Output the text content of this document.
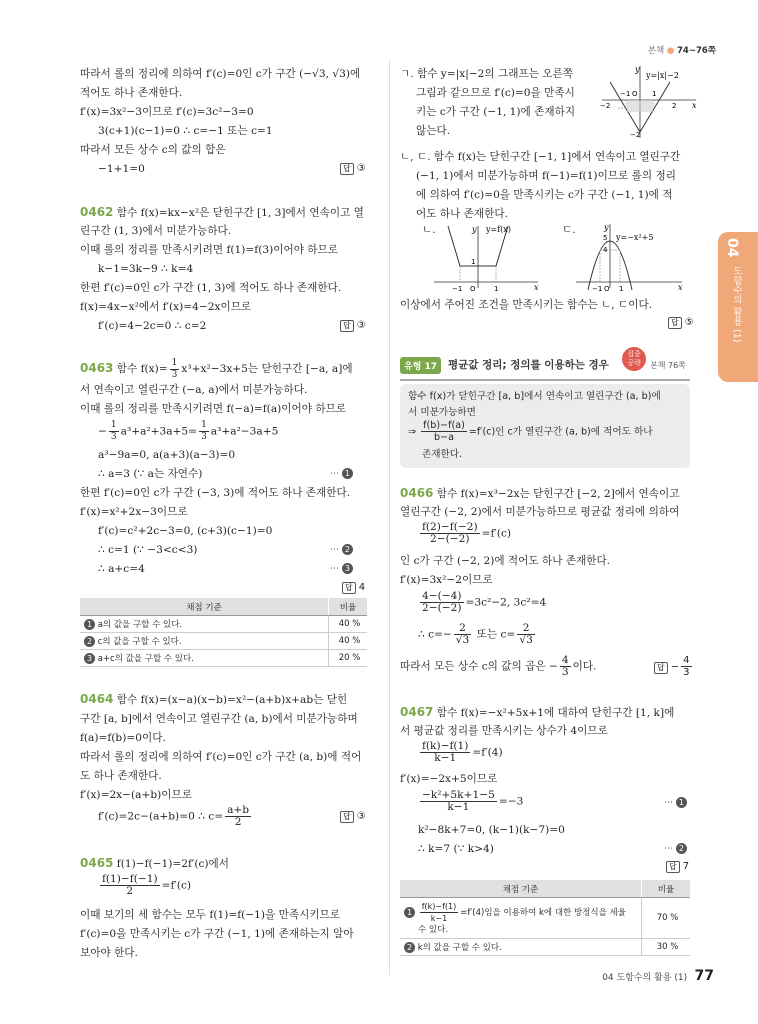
본책 ● 74~76쪽
04
도함수의 활용 (1)
따라서 롤의 정리에 의하여 f′(c)=0인 c가 구간 (−√3, √3)에
적어도 하나 존재한다.
f′(x)=3x²−3이므로 f′(c)=3c²−3=0
3(c+1)(c−1)=0 ∴ c=−1 또는 c=1
따라서 모든 상수 c의 값의 합은
−1+1=0	답 ③
0462 함수 f(x)=kx−x²은 닫힌구간 [1, 3]에서 연속이고 열
린구간 (1, 3)에서 미분가능하다.
이때 롤의 정리를 만족시키려면 f(1)=f(3)이어야 하므로
k−1=3k−9 ∴ k=4
한편 f′(c)=0인 c가 구간 (1, 3)에 적어도 하나 존재한다.
f(x)=4x−x²에서 f′(x)=4−2x이므로
f′(c)=4−2c=0 ∴ c=2	답 ③
0463 함수 $f(x)= \frac{1}{3} x^3+x^2-3x+5$는 닫힌구간 [−a, a]에
서 연속이고 열린구간 (−a, a)에서 미분가능하다.
이때 롤의 정리를 만족시키려면 f(−a)=f(a)이어야 하므로
− $\frac{1}{3} a^3+a^2+3a+5= \frac{1}{3} a^3+a^2-3a+5$
a³−9a=0, a(a+3)(a−3)=0
∴ a=3 (∵ a는 자연수)	⋯ 1
한편 f′(c)=0인 c가 구간 (−3, 3)에 적어도 하나 존재한다.
f′(x)=x²+2x−3이므로
f′(c)=c²+2c−3=0, (c+3)(c−1)=0
∴ c=1 (∵ −3<c<3)	⋯ 2
∴ a+c=4	⋯ 3
답 4
채점 기준	비율
1 a의 값을 구할 수 있다.	40 %
2 c의 값을 구할 수 있다.	40 %
3 a+c의 값을 구할 수 있다.	20 %
0464 함수 f(x)=(x−a)(x−b)=x²−(a+b)x+ab는 닫힌
구간 [a, b]에서 연속이고 열린구간 (a, b)에서 미분가능하며
f(a)=f(b)=0이다.
따라서 롤의 정리에 의하여 f′(c)=0인 c가 구간 (a, b)에 적어
도 하나 존재한다.
f′(x)=2x−(a+b)이므로
f′(c)=2c−(a+b)=0 ∴ $c= \frac{a+b}{2}$	답 ③
0465 f(1)−f(−1)=2f′(c)에서
$\frac{f(1)-f(-1)}{2} =f'(c)$
이때 보기의 세 함수는 모두 f(1)=f(−1)을 만족시키므로
f′(c)=0을 만족시키는 c가 구간 (−1, 1)에 존재하는지 알아
보아야 한다.
ㄱ. 함수 y=|x|−2의 그래프는 오른쪽
그림과 같으므로 f′(c)=0을 만족시
키는 c가 구간 (−1, 1)에 존재하지
않는다.
y
x
y=|x|−2
−1 O 1
−2	2
−2
ㄴ, ㄷ. 함수 f(x)는 닫힌구간 [−1, 1]에서 연속이고 열린구간
(−1, 1)에서 미분가능하며 f(−1)=f(1)이므로 롤의 정리
에 의하여 f′(c)=0을 만족시키는 c가 구간 (−1, 1)에 적
어도 하나 존재한다.
ㄴ.	y
x
y=f(x)
1
−1 O	1
ㄷ.	y
x
y=−x²+5
5
4
−1 O 1
이상에서 주어진 조건을 만족시키는 함수는 ㄴ, ㄷ이다.
답 ⑤
유형 17	평균값 정리; 정의를 이용하는 경우
집중
공략	본책 76쪽
함수 f(x)가 닫힌구간 [a, b]에서 연속이고 열린구간 (a, b)에
서 미분가능하면
⇒ $\frac{f(b)-f(a)}{b-a} =f'(c)$인 c가 열린구간 (a, b)에 적어도 하나
존재한다.
0466 함수 f(x)=x³−2x는 닫힌구간 [−2, 2]에서 연속이고
열린구간 (−2, 2)에서 미분가능하므로 평균값 정리에 의하여
$\frac{f(2)-f(-2)}{2-(-2)} =f'(c)$
인 c가 구간 (−2, 2)에 적어도 하나 존재한다.
f′(x)=3x²−2이므로
$\frac{4-(-4)}{2-(-2)} =3c^2-2$, 3c²=4
∴ $c=- \frac{2}{√3}$ 또는 $c= \frac{2}{√3}$
따라서 모든 상수 c의 값의 곱은 − $\frac{4}{3}$ 이다.	답 − $\frac{4}{3}$
0467 함수 f(x)=−x²+5x+1에 대하여 닫힌구간 [1, k]에
서 평균값 정리를 만족시키는 상수가 4이므로
$\frac{f(k)-f(1)}{k-1} =f'(4)$
f′(x)=−2x+5이므로
$\frac{\text{−k²+5k+1−5}}{k-1} =-3$	⋯ 1
k²−8k+7=0, (k−1)(k−7)=0
∴ k=7 (∵ k>4)	⋯ 2
답 7
채점 기준	비율
$1 \frac{f(k)-f(1)}{k-1} =f'(4)$임을 이용하여 k에 대한 방정식을 세울
수 있다.	70 %
2 k의 값을 구할 수 있다.	30 %
04 도함수의 활용 (1) 77
